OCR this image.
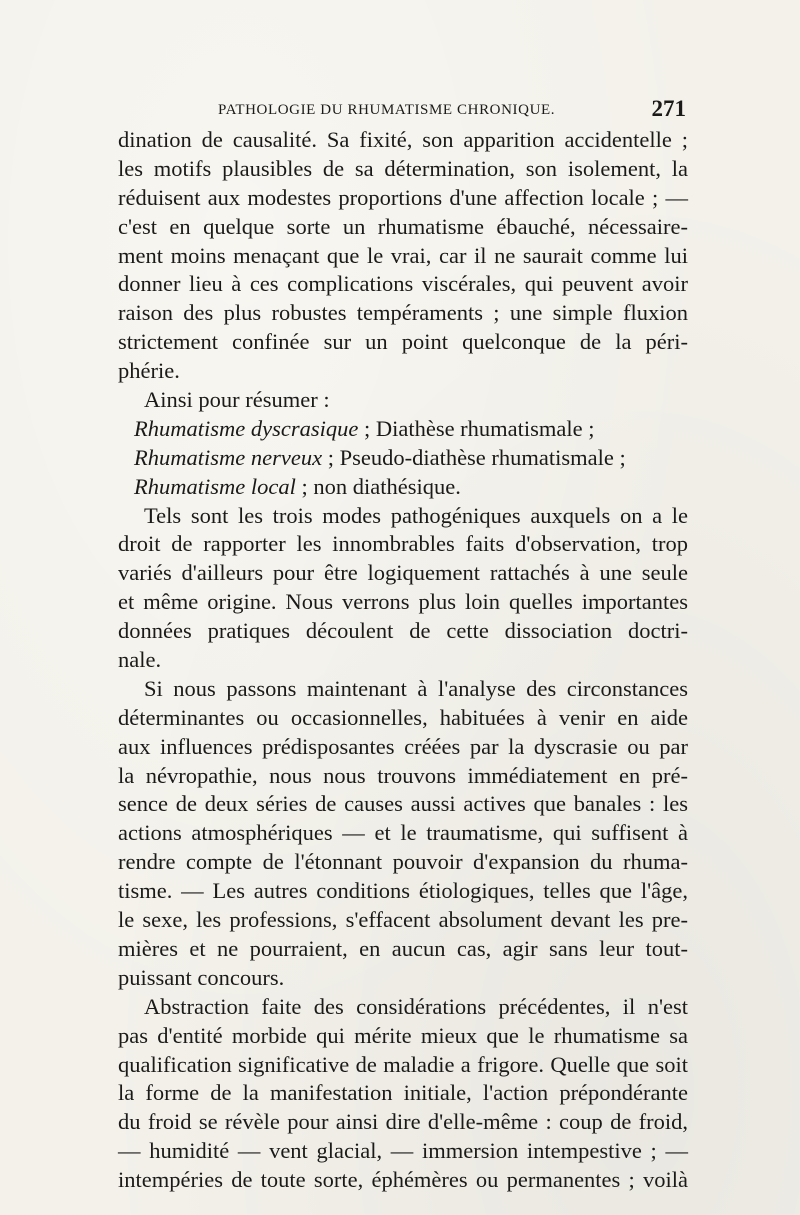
PATHOLOGIE DU RHUMATISME CHRONIQUE.	271
dination de causalité. Sa fixité, son apparition accidentelle ;
les motifs plausibles de sa détermination, son isolement, la
réduisent aux modestes proportions d'une affection locale ; —
c'est en quelque sorte un rhumatisme ébauché, nécessaire-
ment moins menaçant que le vrai, car il ne saurait comme lui
donner lieu à ces complications viscérales, qui peuvent avoir
raison des plus robustes tempéraments ; une simple fluxion
strictement confinée sur un point quelconque de la péri-
phérie.
Ainsi pour résumer :
Rhumatisme dyscrasique ; Diathèse rhumatismale ;
Rhumatisme nerveux ; Pseudo-diathèse rhumatismale ;
Rhumatisme local ; non diathésique.
Tels sont les trois modes pathogéniques auxquels on a le
droit de rapporter les innombrables faits d'observation, trop
variés d'ailleurs pour être logiquement rattachés à une seule
et même origine. Nous verrons plus loin quelles importantes
données pratiques découlent de cette dissociation doctri-
nale.
Si nous passons maintenant à l'analyse des circonstances
déterminantes ou occasionnelles, habituées à venir en aide
aux influences prédisposantes créées par la dyscrasie ou par
la névropathie, nous nous trouvons immédiatement en pré-
sence de deux séries de causes aussi actives que banales : les
actions atmosphériques — et le traumatisme, qui suffisent à
rendre compte de l'étonnant pouvoir d'expansion du rhuma-
tisme. — Les autres conditions étiologiques, telles que l'âge,
le sexe, les professions, s'effacent absolument devant les pre-
mières et ne pourraient, en aucun cas, agir sans leur tout-
puissant concours.
Abstraction faite des considérations précédentes, il n'est
pas d'entité morbide qui mérite mieux que le rhumatisme sa
qualification significative de maladie a frigore. Quelle que soit
la forme de la manifestation initiale, l'action prépondérante
du froid se révèle pour ainsi dire d'elle-même : coup de froid,
— humidité — vent glacial, — immersion intempestive ; —
intempéries de toute sorte, éphémères ou permanentes ; voilà
